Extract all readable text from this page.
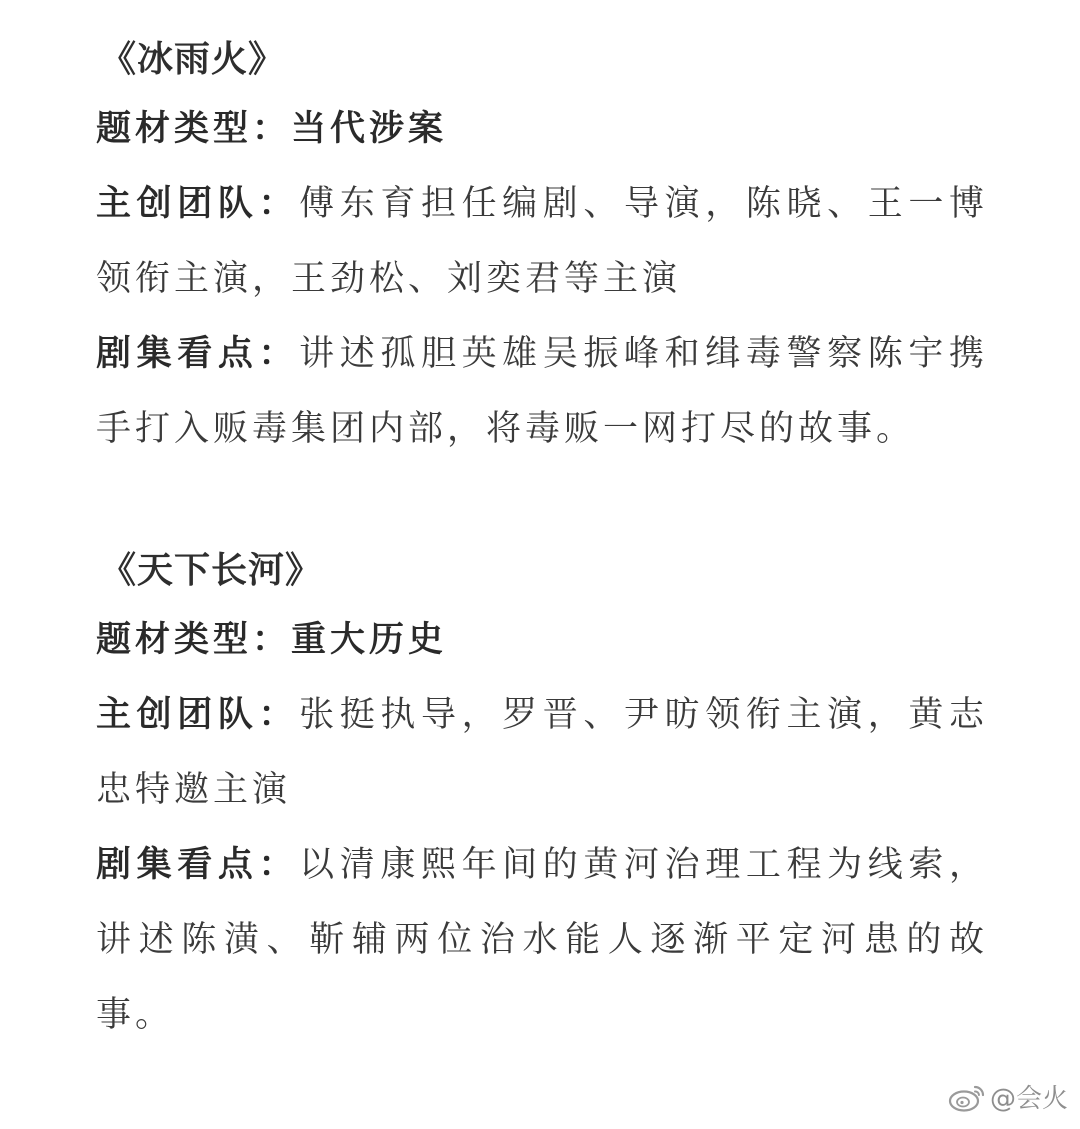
《冰雨火》
题材类型：当代涉案
主创团队：傅东育担任编剧、导演，陈晓、王一博领衔主演，王劲松、刘奕君等主演
剧集看点：讲述孤胆英雄吴振峰和缉毒警察陈宇携手打入贩毒集团内部，将毒贩一网打尽的故事。
《天下长河》
题材类型：重大历史
主创团队：张挺执导，罗晋、尹昉领衔主演，黄志忠特邀主演
剧集看点：以清康熙年间的黄河治理工程为线索，讲述陈潢、靳辅两位治水能人逐渐平定河患的故事。
@会火
